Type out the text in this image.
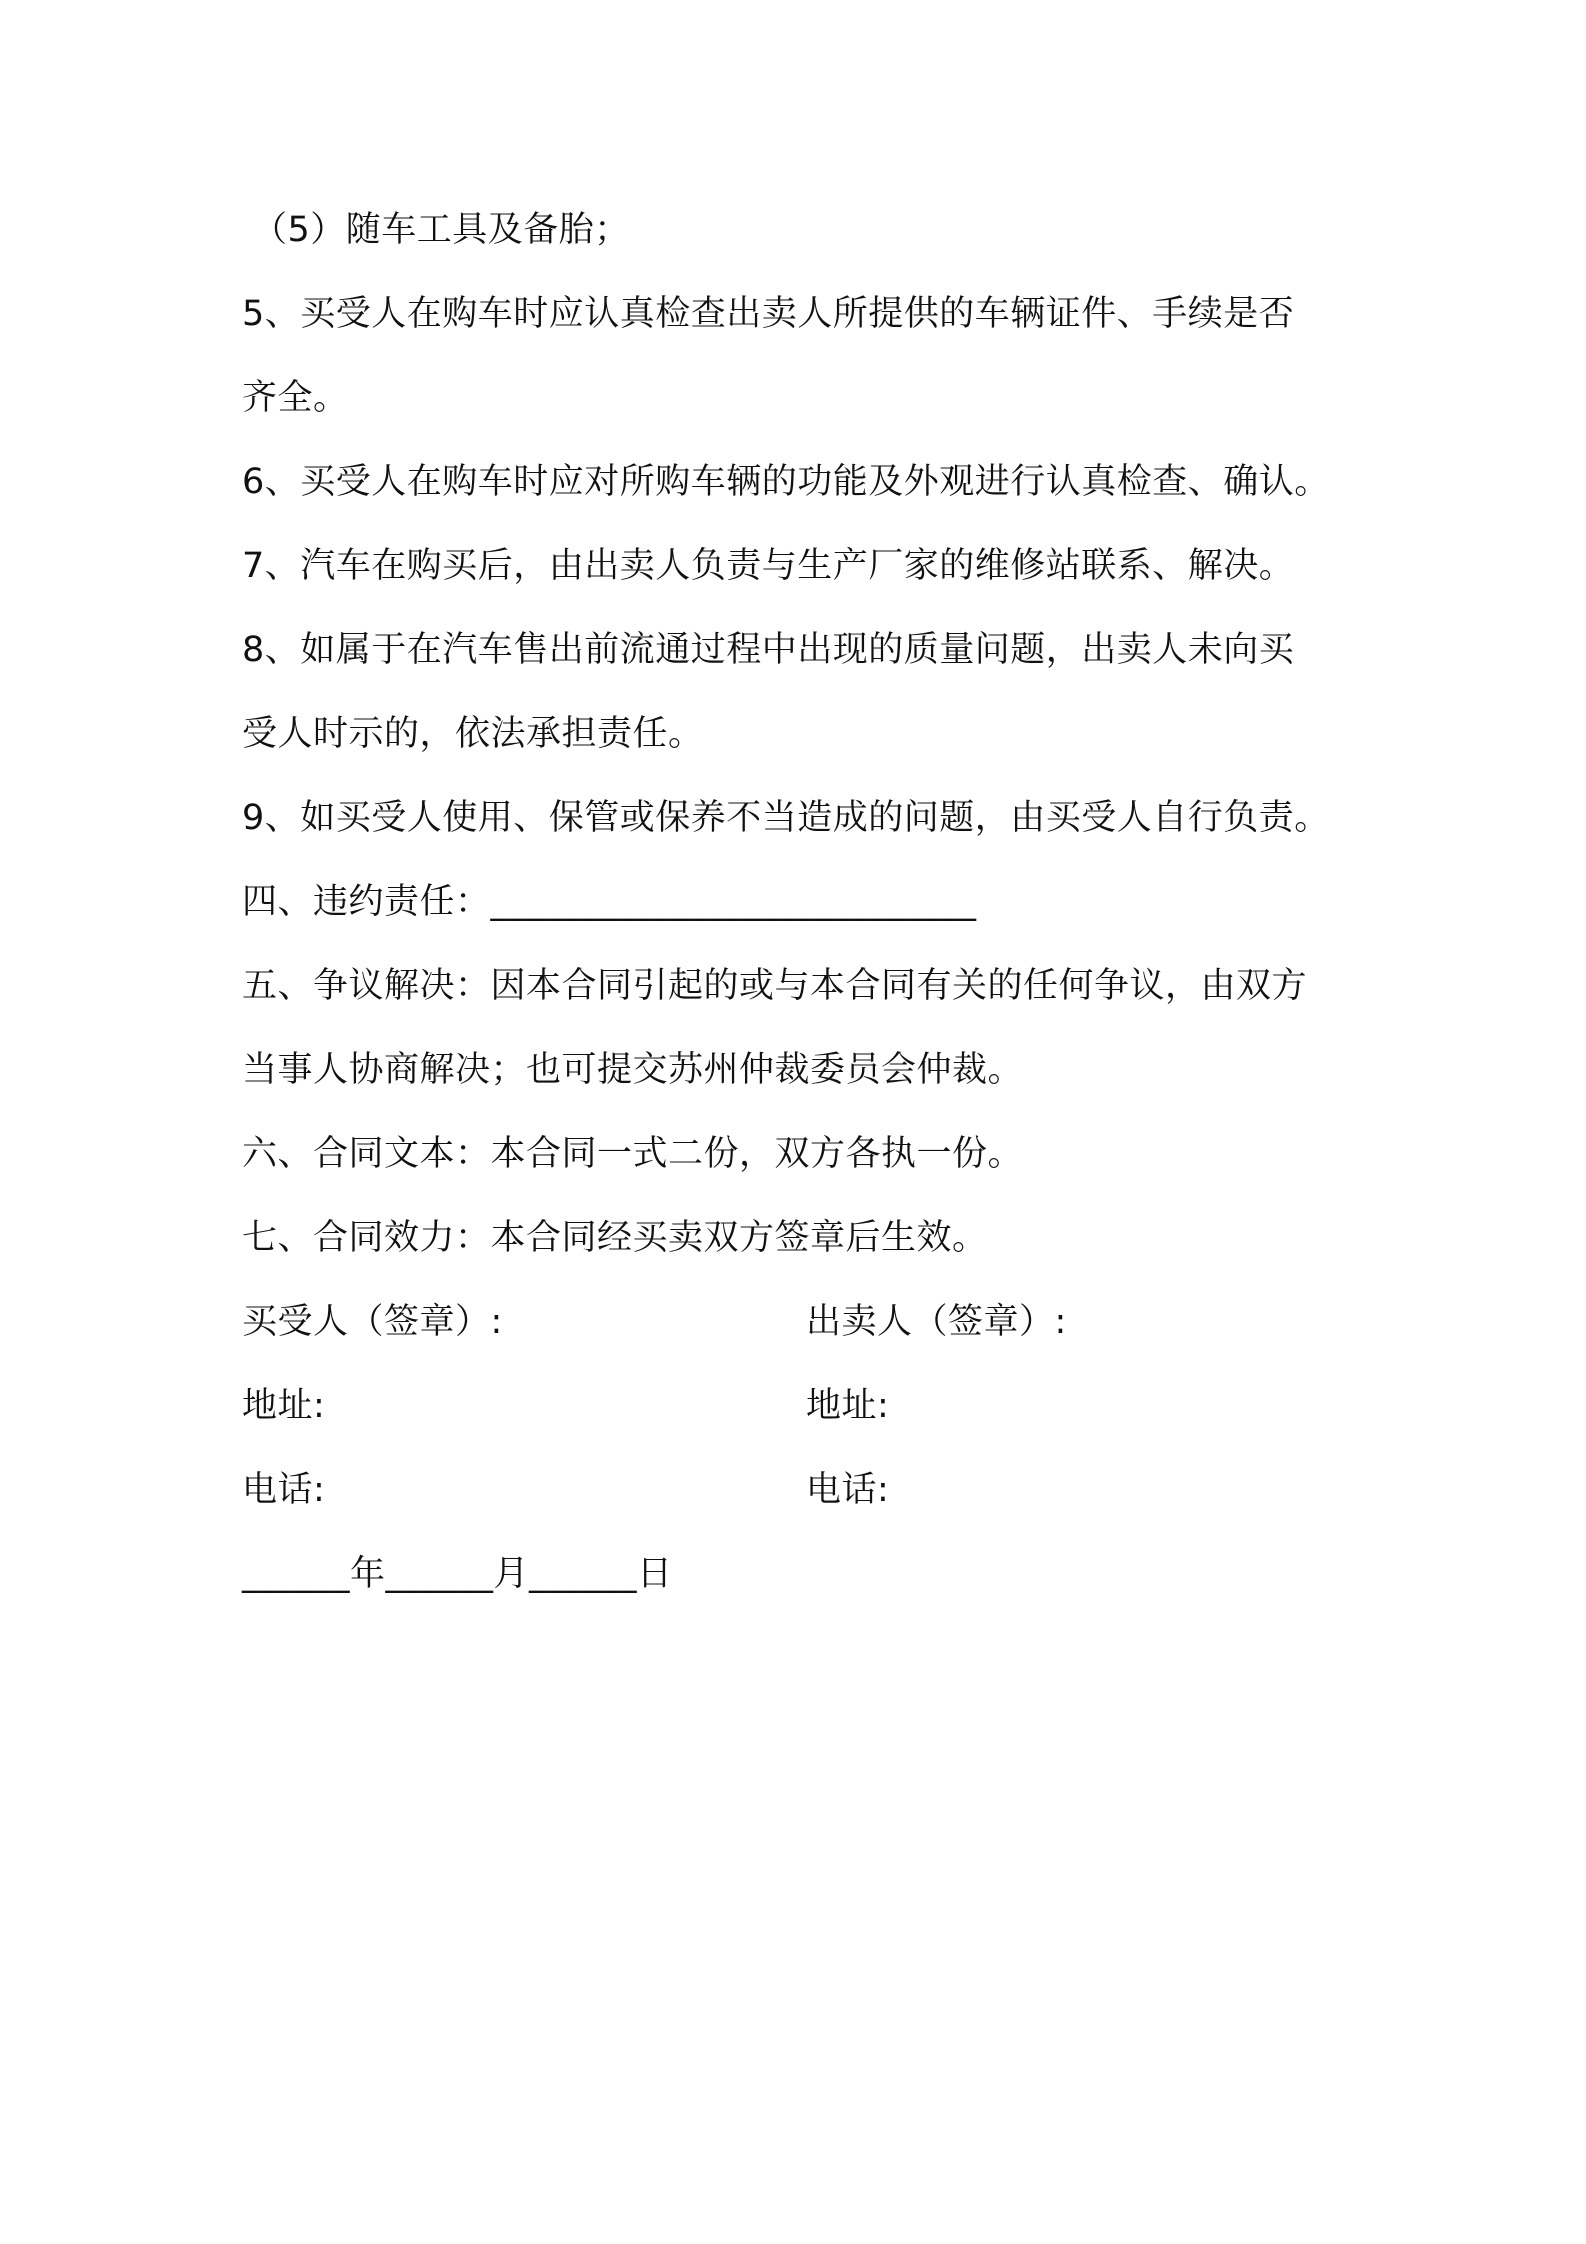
（5）随车工具及备胎；
5、买受人在购车时应认真检查出卖人所提供的车辆证件、手续是否
齐全。
6、买受人在购车时应对所购车辆的功能及外观进行认真检查、确认。
7、汽车在购买后，由出卖人负责与生产厂家的维修站联系、解决。
8、如属于在汽车售出前流通过程中出现的质量问题，出卖人未向买
受人时示的，依法承担责任。
9、如买受人使用、保管或保养不当造成的问题，由买受人自行负责。
四、违约责任：___________________________
五、争议解决：因本合同引起的或与本合同有关的任何争议，由双方
当事人协商解决；也可提交苏州仲裁委员会仲裁。
六、合同文本：本合同一式二份，双方各执一份。
七、合同效力：本合同经买卖双方签章后生效。
买受人（签章）:	出卖人（签章）:
地址:	地址:
电话:	电话:
______年______月______日
